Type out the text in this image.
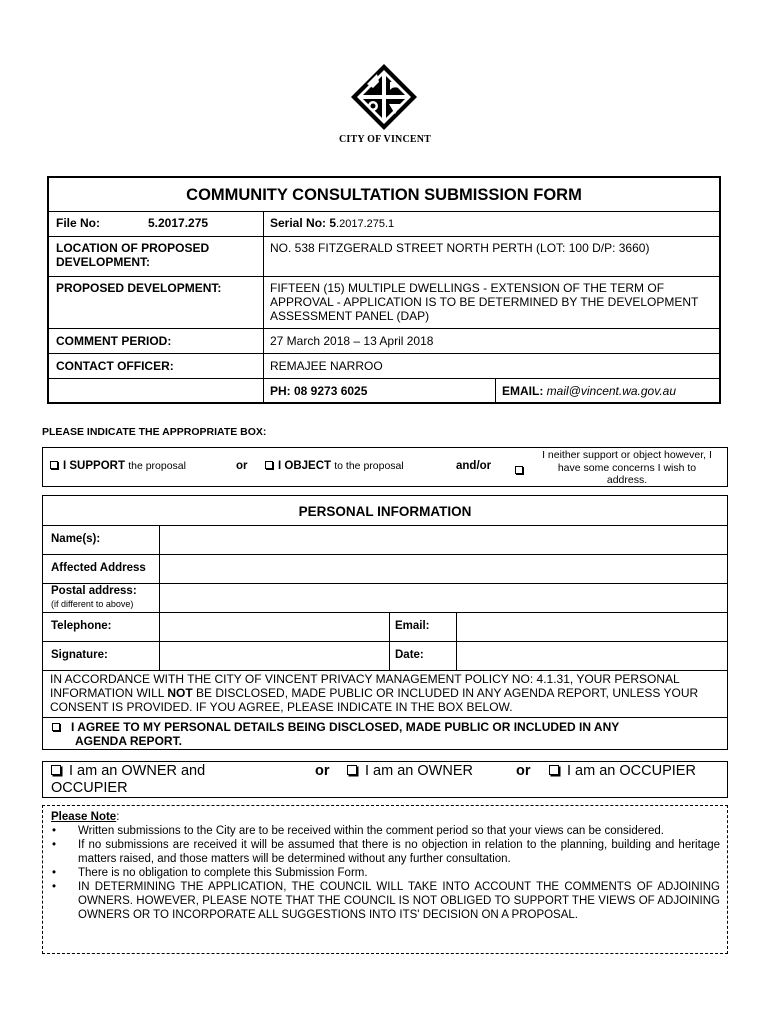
CITY OF VINCENT
COMMUNITY CONSULTATION SUBMISSION FORM
File No:	5.2017.275	Serial No: 5.2017.275.1
LOCATION OF PROPOSED DEVELOPMENT:
NO. 538 FITZGERALD STREET NORTH PERTH (LOT: 100 D/P: 3660)
PROPOSED DEVELOPMENT:	FIFTEEN (15) MULTIPLE DWELLINGS - EXTENSION OF THE TERM OF APPROVAL - APPLICATION IS TO BE DETERMINED BY THE DEVELOPMENT ASSESSMENT PANEL (DAP)
COMMENT PERIOD:	27 March 2018 – 13 April 2018
CONTACT OFFICER:	REMAJEE NARROO
PH: 08 9273 6025	EMAIL: mail@vincent.wa.gov.au
PLEASE INDICATE THE APPROPRIATE BOX:
I SUPPORT the proposal	or	I OBJECT to the proposal	and/or
I neither support or object however, I have some concerns I wish to address.
PERSONAL INFORMATION
Name(s):
Affected Address
Postal address:
(if different to above)
Telephone:	Email:
Signature:	Date:
IN ACCORDANCE WITH THE CITY OF VINCENT PRIVACY MANAGEMENT POLICY NO: 4.1.31, YOUR PERSONAL INFORMATION WILL NOT BE DISCLOSED, MADE PUBLIC OR INCLUDED IN ANY AGENDA REPORT, UNLESS YOUR CONSENT IS PROVIDED. IF YOU AGREE, PLEASE INDICATE IN THE BOX BELOW.
I AGREE TO MY PERSONAL DETAILS BEING DISCLOSED, MADE PUBLIC OR INCLUDED IN ANY
AGENDA REPORT.
I am an OWNER and
OCCUPIER
or	I am an OWNER	or	I am an OCCUPIER
Please Note:
• Written submissions to the City are to be received within the comment period so that your views can be considered.
• If no submissions are received it will be assumed that there is no objection in relation to the planning, building and heritage matters raised, and those matters will be determined without any further consultation.
• There is no obligation to complete this Submission Form.
• IN DETERMINING THE APPLICATION, THE COUNCIL WILL TAKE INTO ACCOUNT THE COMMENTS OF ADJOINING OWNERS. HOWEVER, PLEASE NOTE THAT THE COUNCIL IS NOT OBLIGED TO SUPPORT THE VIEWS OF ADJOINING OWNERS OR TO INCORPORATE ALL SUGGESTIONS INTO ITS' DECISION ON A PROPOSAL.
